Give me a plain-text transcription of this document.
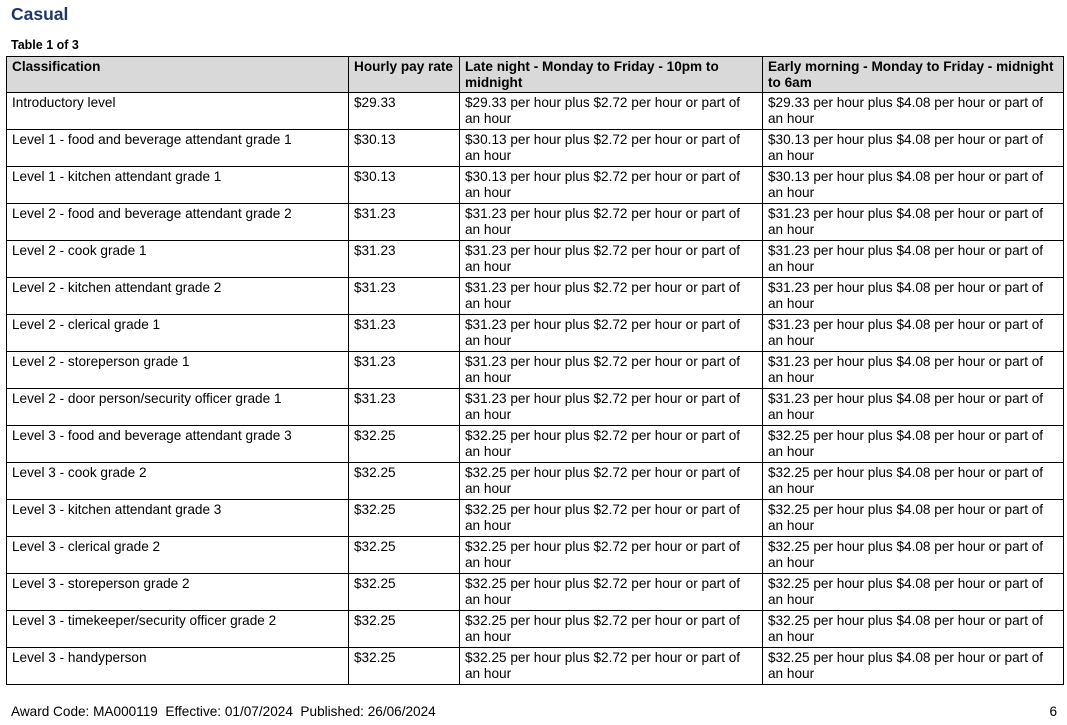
Casual
Table 1 of 3
Classification	Hourly pay rate	Late night - Monday to Friday - 10pm to midnight	Early morning - Monday to Friday - midnight to 6am
Introductory level	$29.33	$29.33 per hour plus $2.72 per hour or part of an hour	$29.33 per hour plus $4.08 per hour or part of an hour
Level 1 - food and beverage attendant grade 1	$30.13	$30.13 per hour plus $2.72 per hour or part of an hour	$30.13 per hour plus $4.08 per hour or part of an hour
Level 1 - kitchen attendant grade 1	$30.13	$30.13 per hour plus $2.72 per hour or part of an hour	$30.13 per hour plus $4.08 per hour or part of an hour
Level 2 - food and beverage attendant grade 2	$31.23	$31.23 per hour plus $2.72 per hour or part of an hour	$31.23 per hour plus $4.08 per hour or part of an hour
Level 2 - cook grade 1	$31.23	$31.23 per hour plus $2.72 per hour or part of an hour	$31.23 per hour plus $4.08 per hour or part of an hour
Level 2 - kitchen attendant grade 2	$31.23	$31.23 per hour plus $2.72 per hour or part of an hour	$31.23 per hour plus $4.08 per hour or part of an hour
Level 2 - clerical grade 1	$31.23	$31.23 per hour plus $2.72 per hour or part of an hour	$31.23 per hour plus $4.08 per hour or part of an hour
Level 2 - storeperson grade 1	$31.23	$31.23 per hour plus $2.72 per hour or part of an hour	$31.23 per hour plus $4.08 per hour or part of an hour
Level 2 - door person/security officer grade 1	$31.23	$31.23 per hour plus $2.72 per hour or part of an hour	$31.23 per hour plus $4.08 per hour or part of an hour
Level 3 - food and beverage attendant grade 3	$32.25	$32.25 per hour plus $2.72 per hour or part of an hour	$32.25 per hour plus $4.08 per hour or part of an hour
Level 3 - cook grade 2	$32.25	$32.25 per hour plus $2.72 per hour or part of an hour	$32.25 per hour plus $4.08 per hour or part of an hour
Level 3 - kitchen attendant grade 3	$32.25	$32.25 per hour plus $2.72 per hour or part of an hour	$32.25 per hour plus $4.08 per hour or part of an hour
Level 3 - clerical grade 2	$32.25	$32.25 per hour plus $2.72 per hour or part of an hour	$32.25 per hour plus $4.08 per hour or part of an hour
Level 3 - storeperson grade 2	$32.25	$32.25 per hour plus $2.72 per hour or part of an hour	$32.25 per hour plus $4.08 per hour or part of an hour
Level 3 - timekeeper/security officer grade 2	$32.25	$32.25 per hour plus $2.72 per hour or part of an hour	$32.25 per hour plus $4.08 per hour or part of an hour
Level 3 - handyperson	$32.25	$32.25 per hour plus $2.72 per hour or part of an hour	$32.25 per hour plus $4.08 per hour or part of an hour
Award Code: MA000119  Effective: 01/07/2024  Published: 26/06/2024	6
